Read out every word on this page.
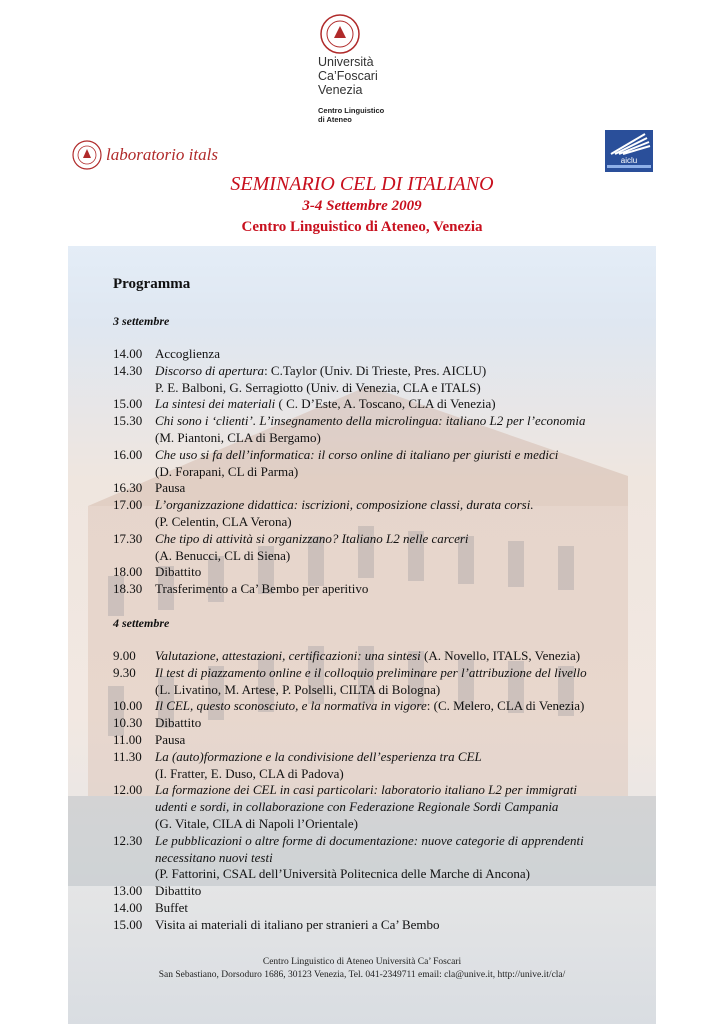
Università
Ca’Foscari
Venezia
Centro Linguistico
di Ateneo
laboratorio itals	aiclu
SEMINARIO CEL DI ITALIANO
3-4 Settembre 2009
Centro Linguistico di Ateneo, Venezia
Programma
3 settembre
14.00 Accoglienza
14.30 Discorso di apertura: C.Taylor (Univ. Di Trieste, Pres. AICLU)
P. E. Balboni, G. Serragiotto (Univ. di Venezia, CLA e ITALS)
15.00 La sintesi dei materiali ( C. D’Este, A. Toscano, CLA di Venezia)
15.30 Chi sono i ‘clienti’. L’insegnamento della microlingua: italiano L2 per l’economia
(M. Piantoni, CLA di Bergamo)
16.00 Che uso si fa dell’informatica: il corso online di italiano per giuristi e medici
(D. Forapani, CL di Parma)
16.30 Pausa
17.00 L’organizzazione didattica: iscrizioni, composizione classi, durata corsi.
(P. Celentin, CLA Verona)
17.30 Che tipo di attività si organizzano? Italiano L2 nelle carceri
(A. Benucci, CL di Siena)
18.00 Dibattito
18.30 Trasferimento a Ca’ Bembo per aperitivo
4 settembre
9.00	Valutazione, attestazioni, certificazioni: una sintesi (A. Novello, ITALS, Venezia)
9.30	Il test di piazzamento online e il colloquio preliminare per l’attribuzione del livello
(L. Livatino, M. Artese, P. Polselli, CILTA di Bologna)
10.00 Il CEL, questo sconosciuto, e la normativa in vigore: (C. Melero, CLA di Venezia)
10.30 Dibattito
11.00	Pausa
11.30	La (auto)formazione e la condivisione dell’esperienza tra CEL
(I. Fratter, E. Duso, CLA di Padova)
12.00 La formazione dei CEL in casi particolari: laboratorio italiano L2 per immigrati
udenti e sordi, in collaborazione con Federazione Regionale Sordi Campania
(G. Vitale, CILA di Napoli l’Orientale)
12.30 Le pubblicazioni o altre forme di documentazione: nuove categorie di apprendenti
necessitano nuovi testi
(P. Fattorini, CSAL dell’Università Politecnica delle Marche di Ancona)
13.00 Dibattito
14.00 Buffet
15.00 Visita ai materiali di italiano per stranieri a Ca’ Bembo
Centro Linguistico di Ateneo Università Ca’ Foscari
San Sebastiano, Dorsoduro 1686, 30123 Venezia, Tel. 041-2349711 email: cla@unive.it, http://unive.it/cla/
